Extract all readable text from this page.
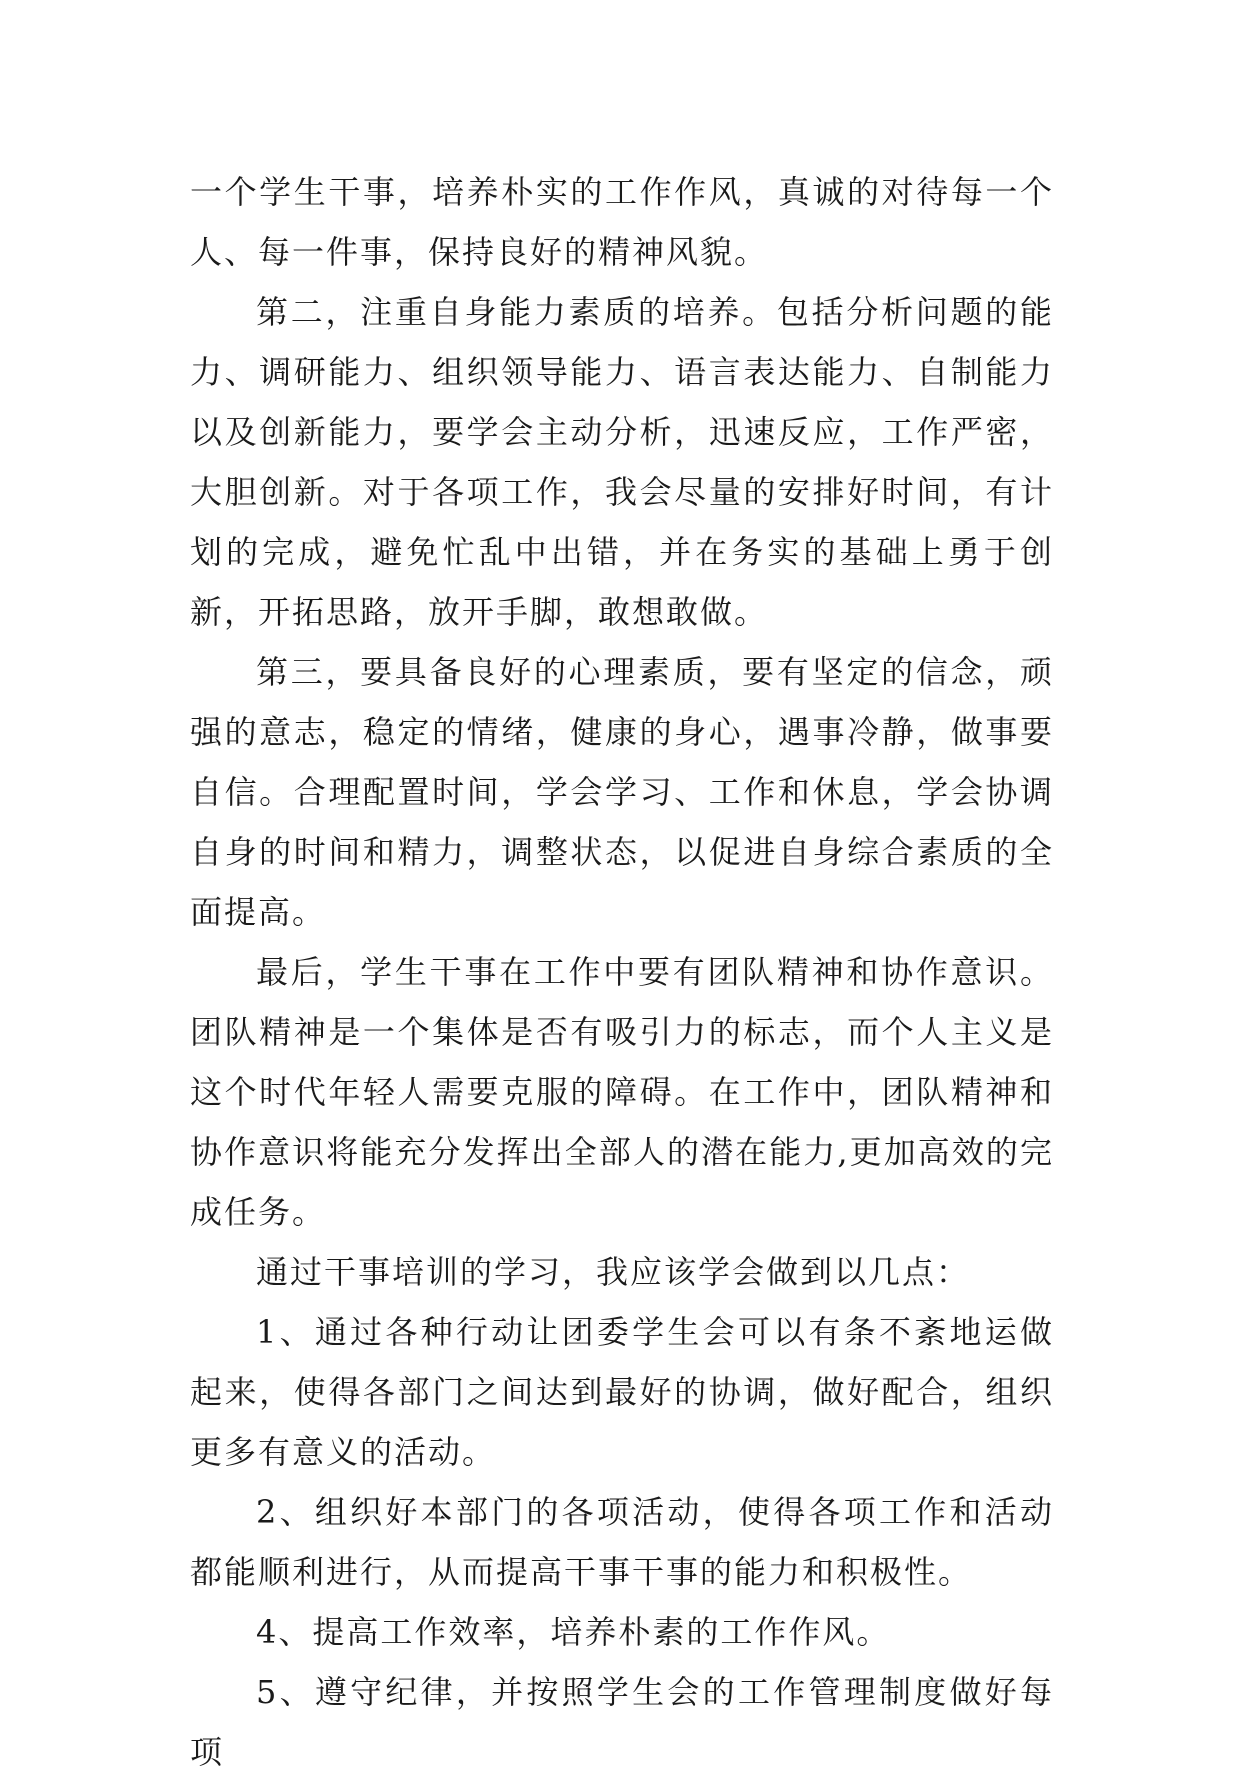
一个学生干事，培养朴实的工作作风，真诚的对待每一个人、每一件事，保持良好的精神风貌。

第二，注重自身能力素质的培养。包括分析问题的能力、调研能力、组织领导能力、语言表达能力、自制能力以及创新能力，要学会主动分析，迅速反应，工作严密，大胆创新。对于各项工作，我会尽量的安排好时间，有计划的完成，避免忙乱中出错，并在务实的基础上勇于创新，开拓思路，放开手脚，敢想敢做。

第三，要具备良好的心理素质，要有坚定的信念，顽强的意志，稳定的情绪，健康的身心，遇事冷静，做事要自信。合理配置时间，学会学习、工作和休息，学会协调自身的时间和精力，调整状态，以促进自身综合素质的全面提高。

最后，学生干事在工作中要有团队精神和协作意识。团队精神是一个集体是否有吸引力的标志，而个人主义是这个时代年轻人需要克服的障碍。在工作中，团队精神和协作意识将能充分发挥出全部人的潜在能力,更加高效的完成任务。

通过干事培训的学习，我应该学会做到以几点：

1、通过各种行动让团委学生会可以有条不紊地运做起来，使得各部门之间达到最好的协调，做好配合，组织更多有意义的活动。

2、组织好本部门的各项活动，使得各项工作和活动都能顺利进行，从而提高干事干事的能力和积极性。

4、提高工作效率，培养朴素的工作作风。

5、遵守纪律，并按照学生会的工作管理制度做好每项
